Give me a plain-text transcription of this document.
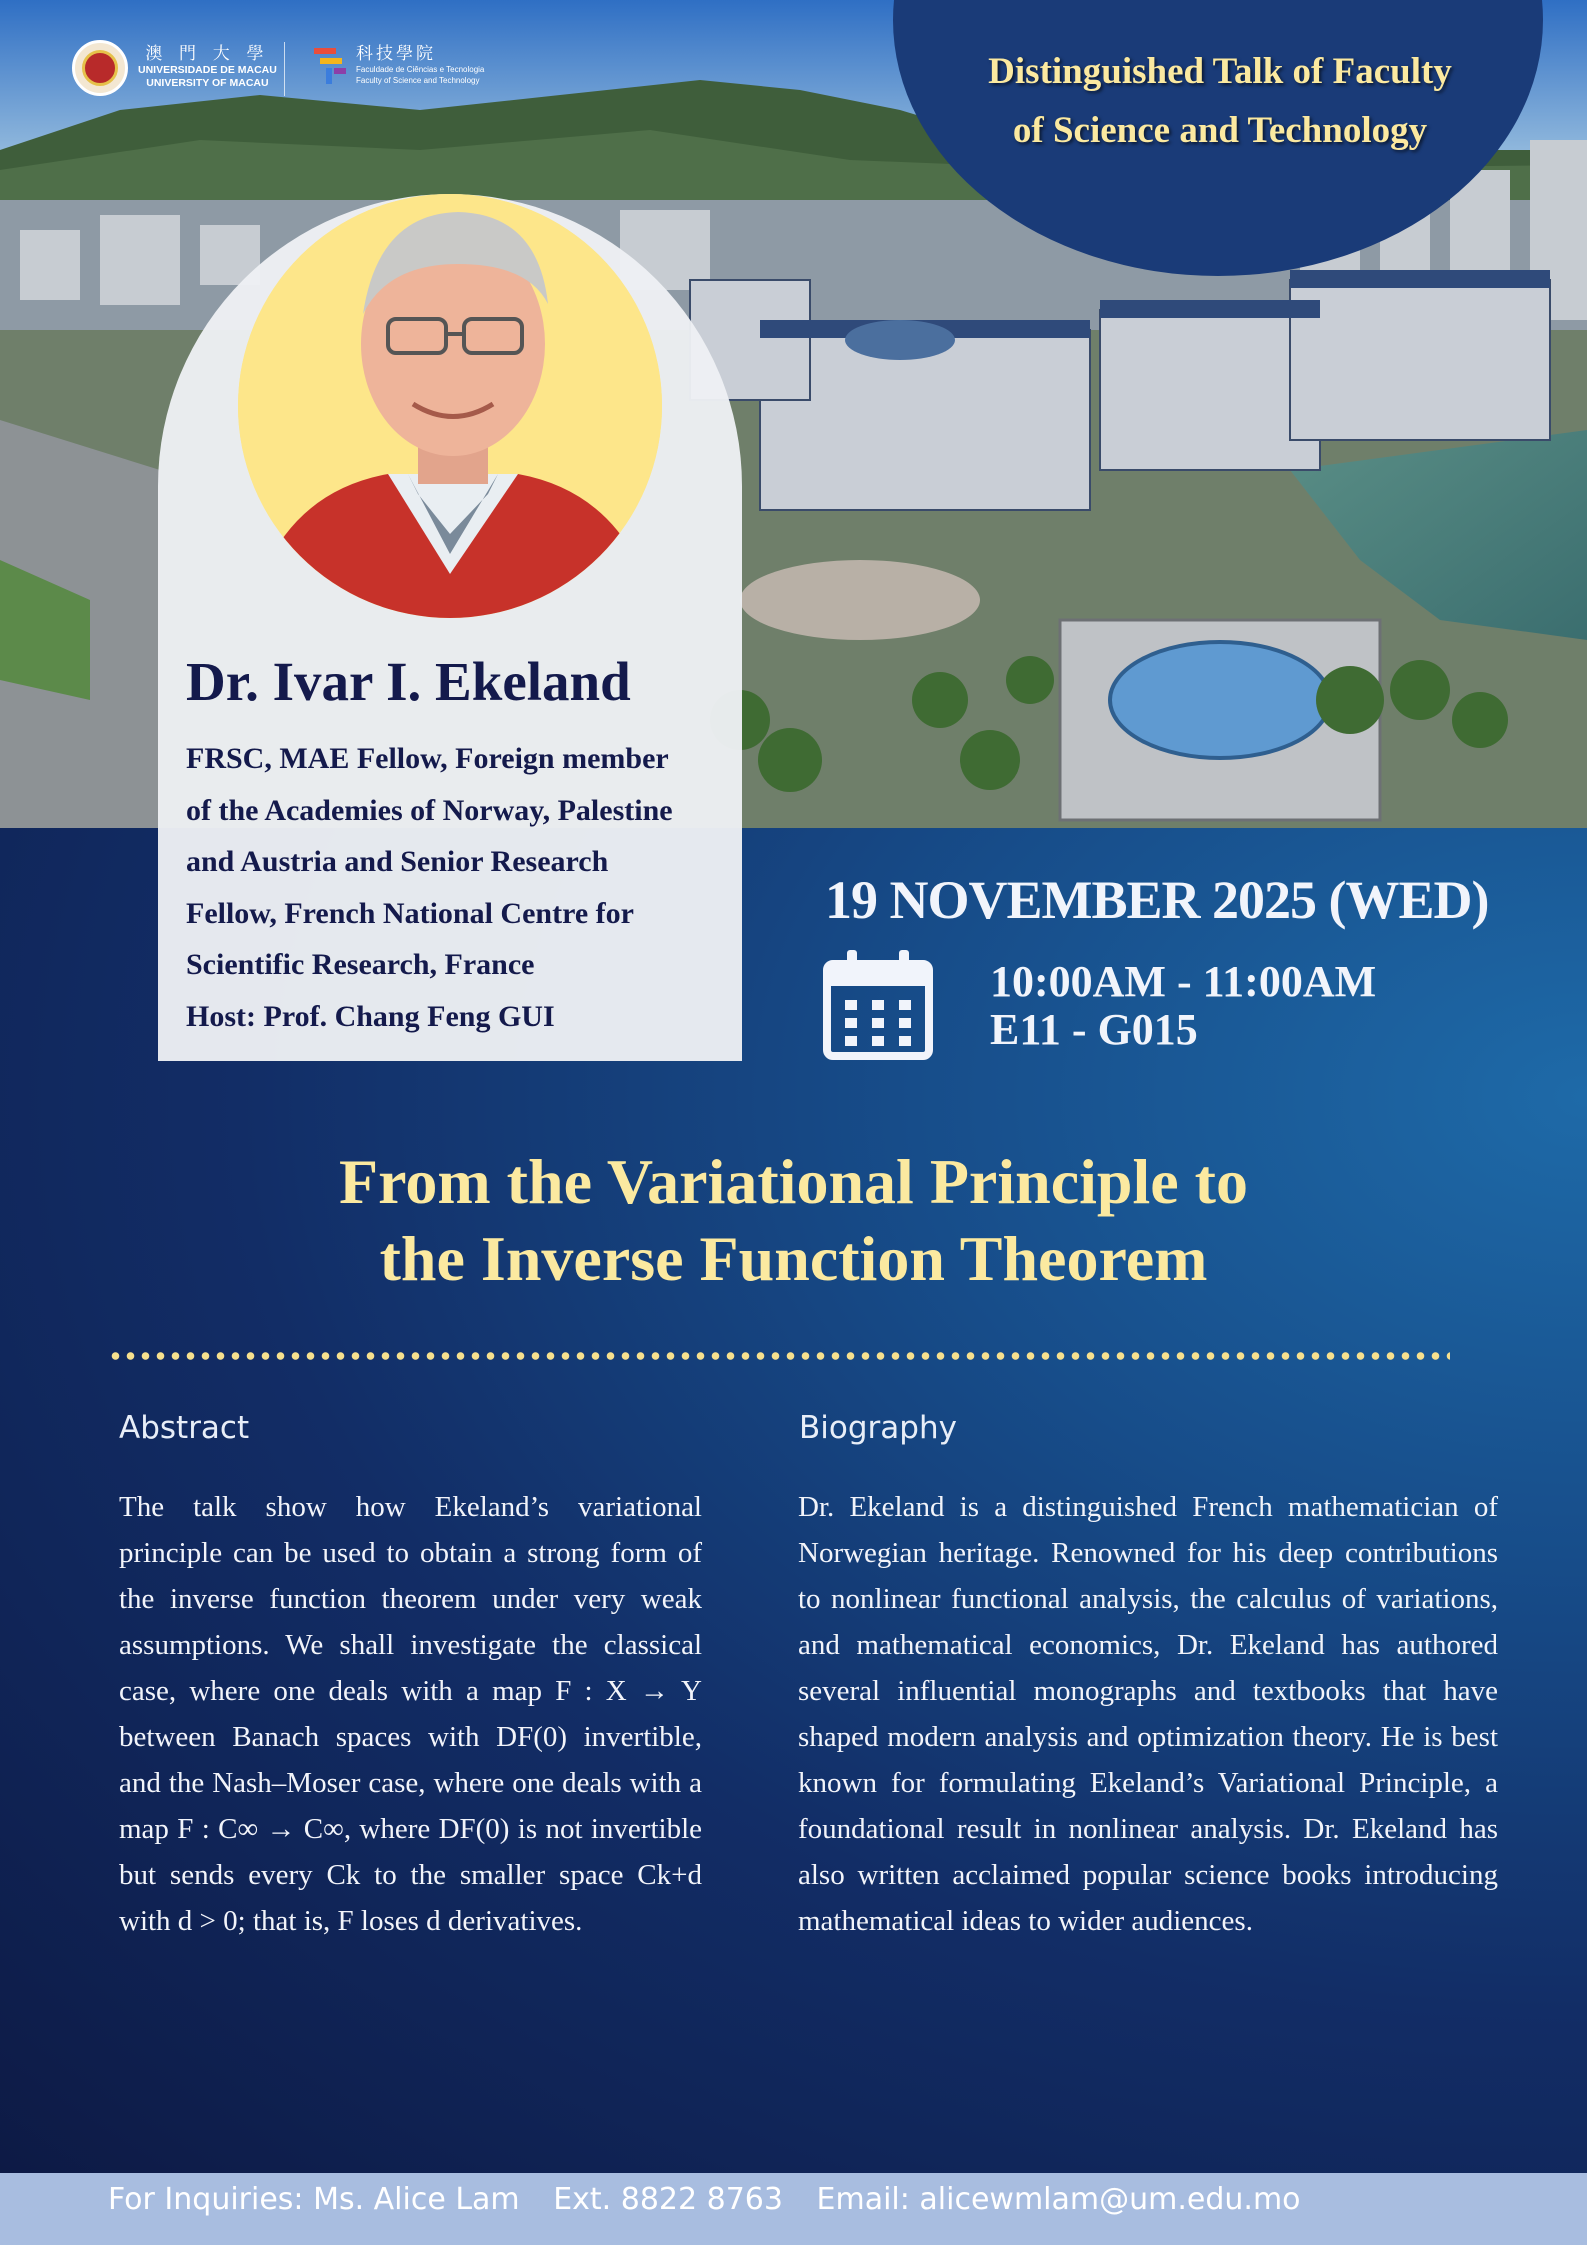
澳 門 大 學
UNIVERSIDADE DE MACAU
UNIVERSITY OF MACAU
科技學院
Faculdade de Ciências e Tecnologia
Faculty of Science and Technology	Distinguished Talk of Faculty of Science and Technology
Dr. Ivar I. Ekeland
FRSC, MAE Fellow, Foreign member
of the Academies of Norway, Palestine
and Austria and Senior Research
Fellow, French National Centre for
Scientific Research, France
Host: Prof. Chang Feng GUI
19 NOVEMBER 2025 (WED)
10:00AM - 11:00AM
E11 - G015
From the Variational Principle to
the Inverse Function Theorem
Abstract
The talk show how Ekeland’s variational principle can be used to obtain a strong form of the inverse function theorem under very weak assumptions. We shall investigate the classical case, where one deals with a map F : X → Y between Banach spaces with DF(0) invertible, and the Nash–Moser case, where one deals with a map F : C∞ → C∞, where DF(0) is not invertible but sends every Ck to the smaller space Ck+d with d > 0; that is, F loses d derivatives.
Biography
Dr. Ekeland is a distinguished French mathematician of Norwegian heritage. Renowned for his deep contributions to nonlinear functional analysis, the calculus of variations, and mathematical economics, Dr. Ekeland has authored several influential monographs and textbooks that have shaped modern analysis and optimization theory. He is best known for formulating Ekeland’s Variational Principle, a foundational result in nonlinear analysis. Dr. Ekeland has also written acclaimed popular science books introducing mathematical ideas to wider audiences.
For Inquiries: Ms. Alice Lam Ext. 8822 8763 Email: alicewmlam@um.edu.mo
